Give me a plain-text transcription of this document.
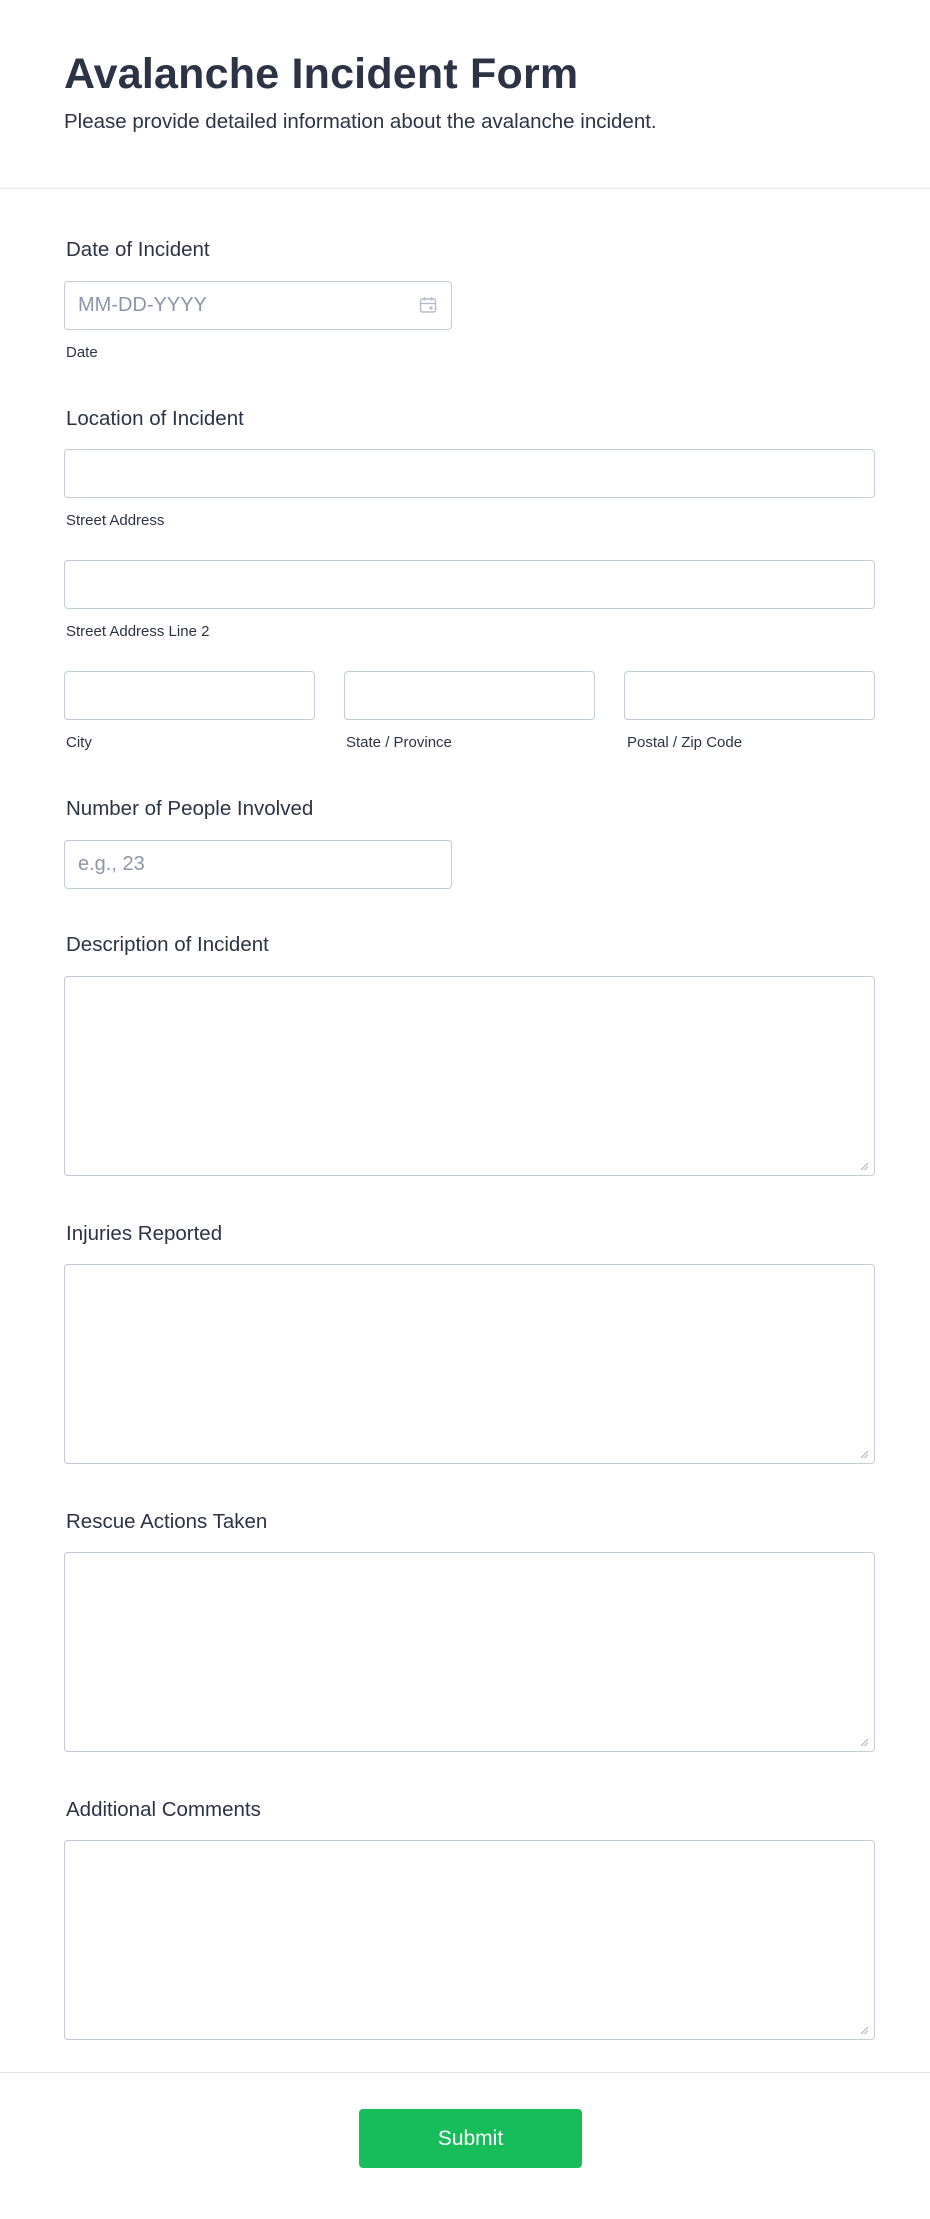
Avalanche Incident Form

Please provide detailed information about the avalanche incident.

Date of Incident
MM-DD-YYYY
Date
Location of Incident
Street Address
Street Address Line 2
City	State / Province	Postal / Zip Code
Number of People Involved
e.g., 23
Description of Incident
Injuries Reported
Rescue Actions Taken
Additional Comments
Submit
